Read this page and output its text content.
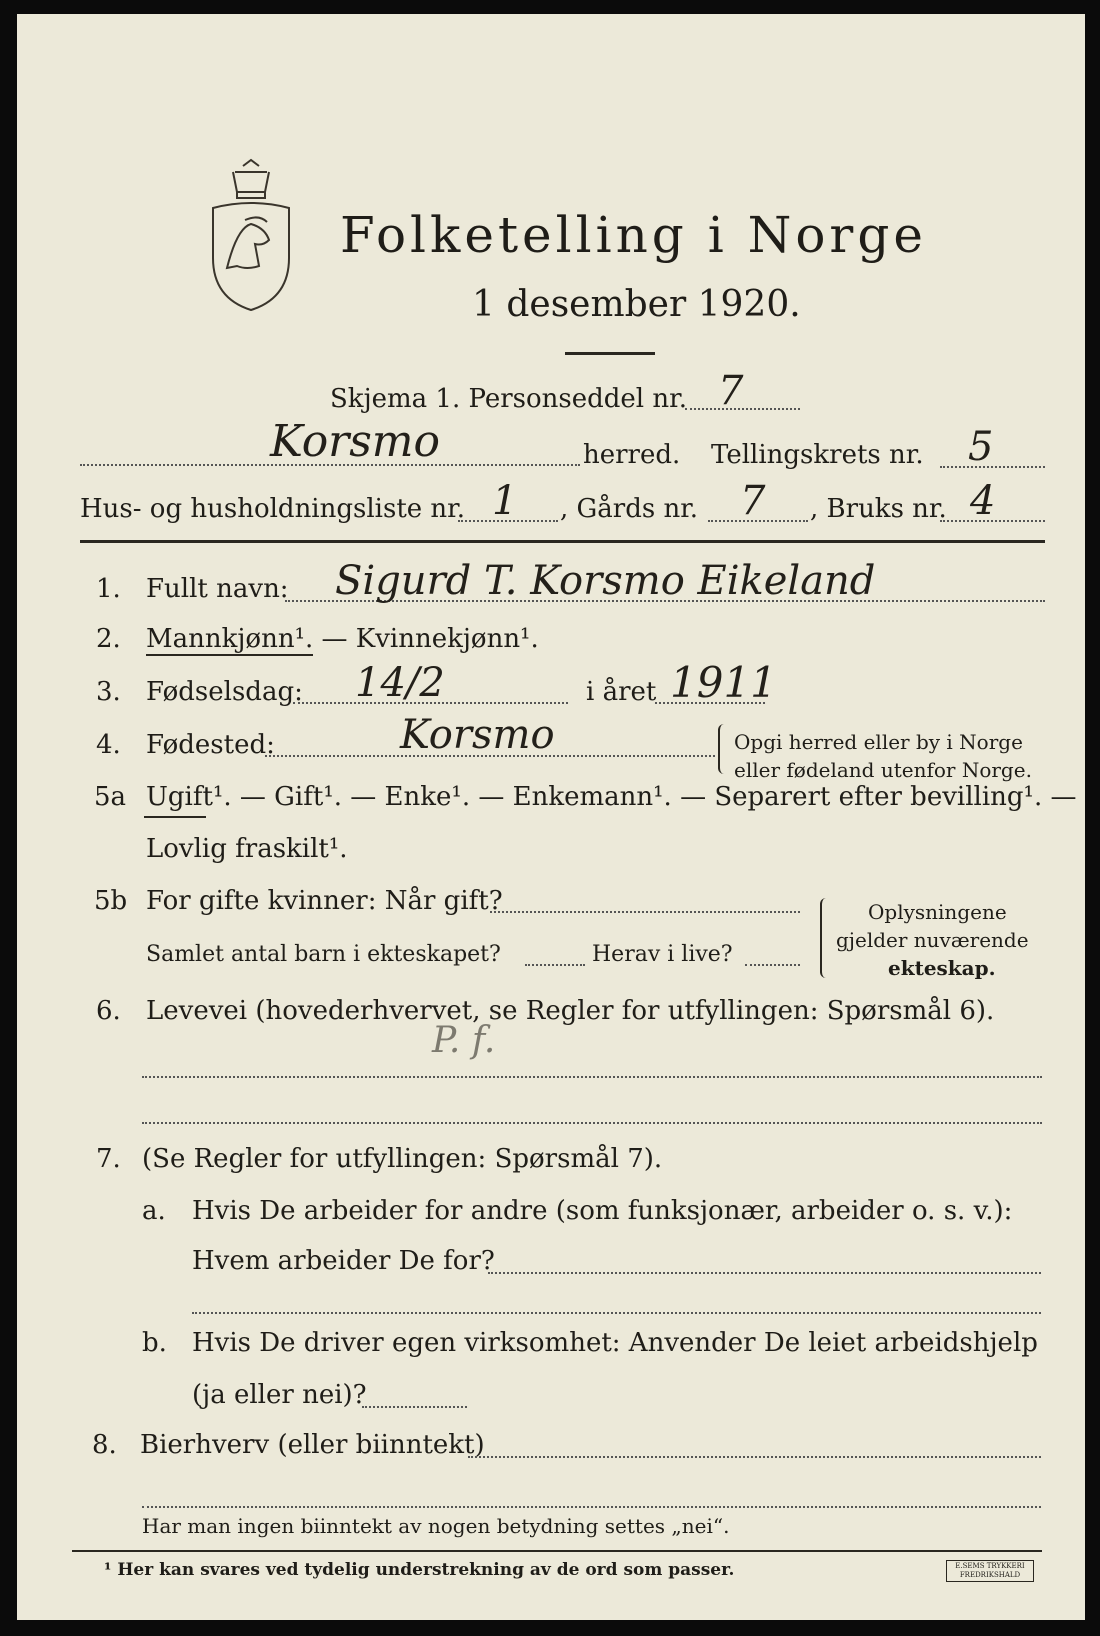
Folketelling i Norge
1 desember 1920.
Skjema 1. Personseddel nr. 7
Korsmo	herred. Tellingskrets nr. 5
Hus- og husholdningsliste nr. 1 , Gårds nr. 7 , Bruks nr. 4
1. Fullt navn: Sigurd T. Korsmo Eikeland
2. Mannkjønn¹. — Kvinnekjønn¹.
3. Fødselsdag: 14/2	i året 1911
4. Fødested:	Korsmo	Opgi herred eller by i Norge
eller fødeland utenfor Norge.
5a Ugift¹. — Gift¹. — Enke¹. — Enkemann¹. — Separert efter bevilling¹. —
Lovlig fraskilt¹.
5b For gifte kvinner: Når gift?
Samlet antal barn i ekteskapet?	Herav i live?
Oplysningene
gjelder nuværende
ekteskap.
6. Levevei (hovederhvervet, se Regler for utfyllingen: Spørsmål 6).
P. f.
7. (Se Regler for utfyllingen: Spørsmål 7).
a. Hvis De arbeider for andre (som funksjonær, arbeider o. s. v.):
Hvem arbeider De for?
b. Hvis De driver egen virksomhet: Anvender De leiet arbeidshjelp
(ja eller nei)?
8. Bierhverv (eller biinntekt)
Har man ingen biinntekt av nogen betydning settes „nei“.
¹ Her kan svares ved tydelig understrekning av de ord som passer.	E.SEMS TRYKKERI FREDRIKSHALD
